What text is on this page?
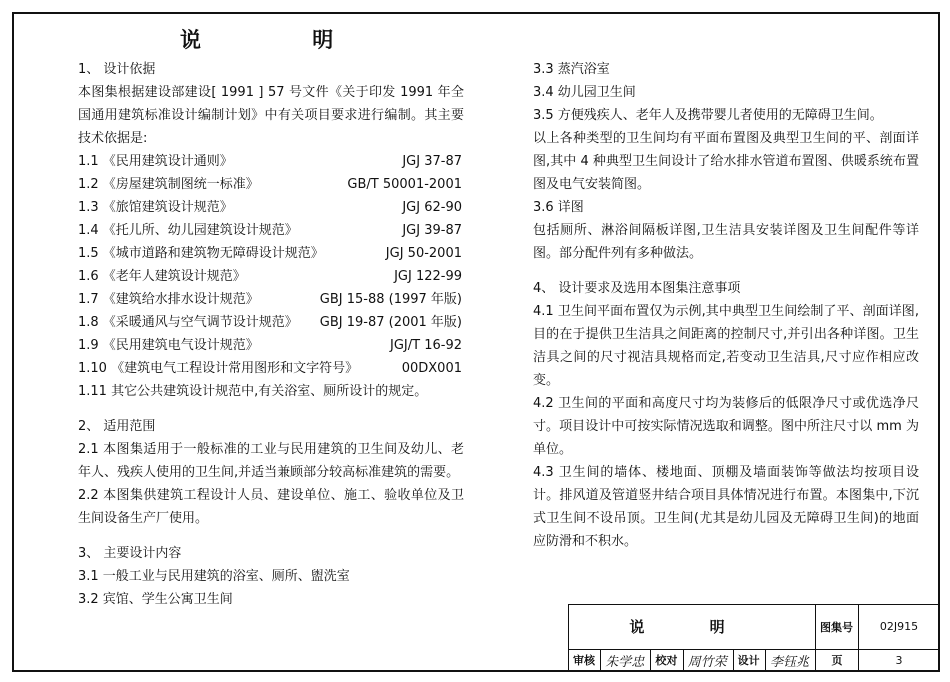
说 明
1、 设计依据
本图集根据建设部建设[ 1991 ] 57 号文件《关于印发 1991 年全国通用建筑标准设计编制计划》中有关项目要求进行编制。其主要技术依据是:
1.1 《民用建筑设计通则》	JGJ 37-87
1.2 《房屋建筑制图统一标准》	GB/T 50001-2001
1.3 《旅馆建筑设计规范》	JGJ 62-90
1.4 《托儿所、幼儿园建筑设计规范》	JGJ 39-87
1.5 《城市道路和建筑物无障碍设计规范》	JGJ 50-2001
1.6 《老年人建筑设计规范》	JGJ 122-99
1.7 《建筑给水排水设计规范》	GBJ 15-88 (1997 年版)
1.8 《采暖通风与空气调节设计规范》 GBJ 19-87 (2001 年版)
1.9 《民用建筑电气设计规范》	JGJ/T 16-92
1.10 《建筑电气工程设计常用图形和文字符号》	00DX001
1.11 其它公共建筑设计规范中,有关浴室、厕所设计的规定。
2、 适用范围
2.1 本图集适用于一般标准的工业与民用建筑的卫生间及幼儿、老年人、残疾人使用的卫生间,并适当兼顾部分较高标准建筑的需要。
2.2 本图集供建筑工程设计人员、建设单位、施工、验收单位及卫生间设备生产厂使用。
3、 主要设计内容
3.1 一般工业与民用建筑的浴室、厕所、盥洗室
3.2 宾馆、学生公寓卫生间
3.3 蒸汽浴室
3.4 幼儿园卫生间
3.5 方便残疾人、老年人及携带婴儿者使用的无障碍卫生间。
以上各种类型的卫生间均有平面布置图及典型卫生间的平、剖面详图,其中 4 种典型卫生间设计了给水排水管道布置图、供暖系统布置图及电气安装简图。
3.6 详图
包括厕所、淋浴间隔板详图,卫生洁具安装详图及卫生间配件等详图。部分配件列有多种做法。
4、 设计要求及选用本图集注意事项
4.1 卫生间平面布置仅为示例,其中典型卫生间绘制了平、剖面详图,目的在于提供卫生洁具之间距离的控制尺寸,并引出各种详图。卫生洁具之间的尺寸视洁具规格而定,若变动卫生洁具,尺寸应作相应改变。
4.2 卫生间的平面和高度尺寸均为装修后的低限净尺寸或优选净尺寸。项目设计中可按实际情况选取和调整。图中所注尺寸以 mm 为单位。
4.3 卫生间的墙体、楼地面、顶棚及墙面装饰等做法均按项目设计。排风道及管道竖井结合项目具体情况进行布置。本图集中,下沉式卫生间不设吊顶。卫生间(尤其是幼儿园及无障碍卫生间)的地面应防滑和不积水。
说 明						图集号	02J915
审核	朱学忠	校对	周竹荣	设计	李钰兆	页	3
